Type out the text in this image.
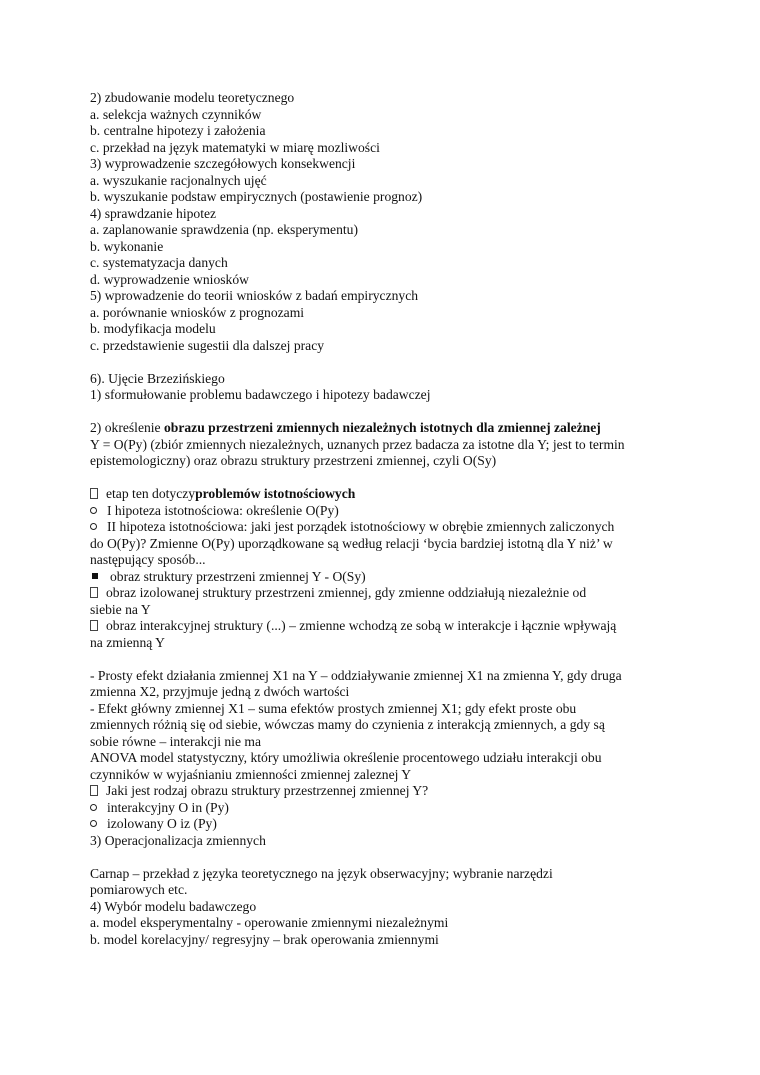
2) zbudowanie modelu teoretycznego
a. selekcja ważnych czynników
b. centralne hipotezy i założenia
c. przekład na język matematyki w miarę mozliwości
3) wyprowadzenie szczegółowych konsekwencji
a. wyszukanie racjonalnych ujęć
b. wyszukanie podstaw empirycznych (postawienie prognoz)
4) sprawdzanie hipotez
a. zaplanowanie sprawdzenia (np. eksperymentu)
b. wykonanie
c. systematyzacja danych
d. wyprowadzenie wniosków
5) wprowadzenie do teorii wniosków z badań empirycznych
a. porównanie wniosków z prognozami
b. modyfikacja modelu
c. przedstawienie sugestii dla dalszej pracy
6). Ujęcie Brzezińskiego
1) sformułowanie problemu badawczego i hipotezy badawczej
2) określenie obrazu przestrzeni zmiennych niezależnych istotnych dla zmiennej zależnej
Y = O(Py) (zbiór zmiennych niezależnych, uznanych przez badacza za istotne dla Y; jest to termin
epistemologiczny) oraz obrazu struktury przestrzeni zmiennej, czyli O(Sy)
etap ten dotyczyproblemów istotnościowych
I hipoteza istotnościowa: określenie O(Py)
II hipoteza istotnościowa: jaki jest porządek istotnościowy w obrębie zmiennych zaliczonych
do O(Py)? Zmienne O(Py) uporządkowane są według relacji ‘bycia bardziej istotną dla Y niż’ w
następujący sposób...
obraz struktury przestrzeni zmiennej Y - O(Sy)
obraz izolowanej struktury przestrzeni zmiennej, gdy zmienne oddziałują niezależnie od
siebie na Y
obraz interakcyjnej struktury (...) – zmienne wchodzą ze sobą w interakcje i łącznie wpływają
na zmienną Y
- Prosty efekt działania zmiennej X1 na Y – oddziaływanie zmiennej X1 na zmienna Y, gdy druga
zmienna X2, przyjmuje jedną z dwóch wartości
- Efekt główny zmiennej X1 – suma efektów prostych zmiennej X1; gdy efekt proste obu
zmiennych różnią się od siebie, wówczas mamy do czynienia z interakcją zmiennych, a gdy są
sobie równe – interakcji nie ma
ANOVA model statystyczny, który umożliwia określenie procentowego udziału interakcji obu
czynników w wyjaśnianiu zmienności zmiennej zaleznej Y
Jaki jest rodzaj obrazu struktury przestrzennej zmiennej Y?
interakcyjny O in (Py)
izolowany O iz (Py)
3) Operacjonalizacja zmiennych
Carnap – przekład z języka teoretycznego na język obserwacyjny; wybranie narzędzi
pomiarowych etc.
4) Wybór modelu badawczego
a. model eksperymentalny - operowanie zmiennymi niezależnymi
b. model korelacyjny/ regresyjny – brak operowania zmiennymi
